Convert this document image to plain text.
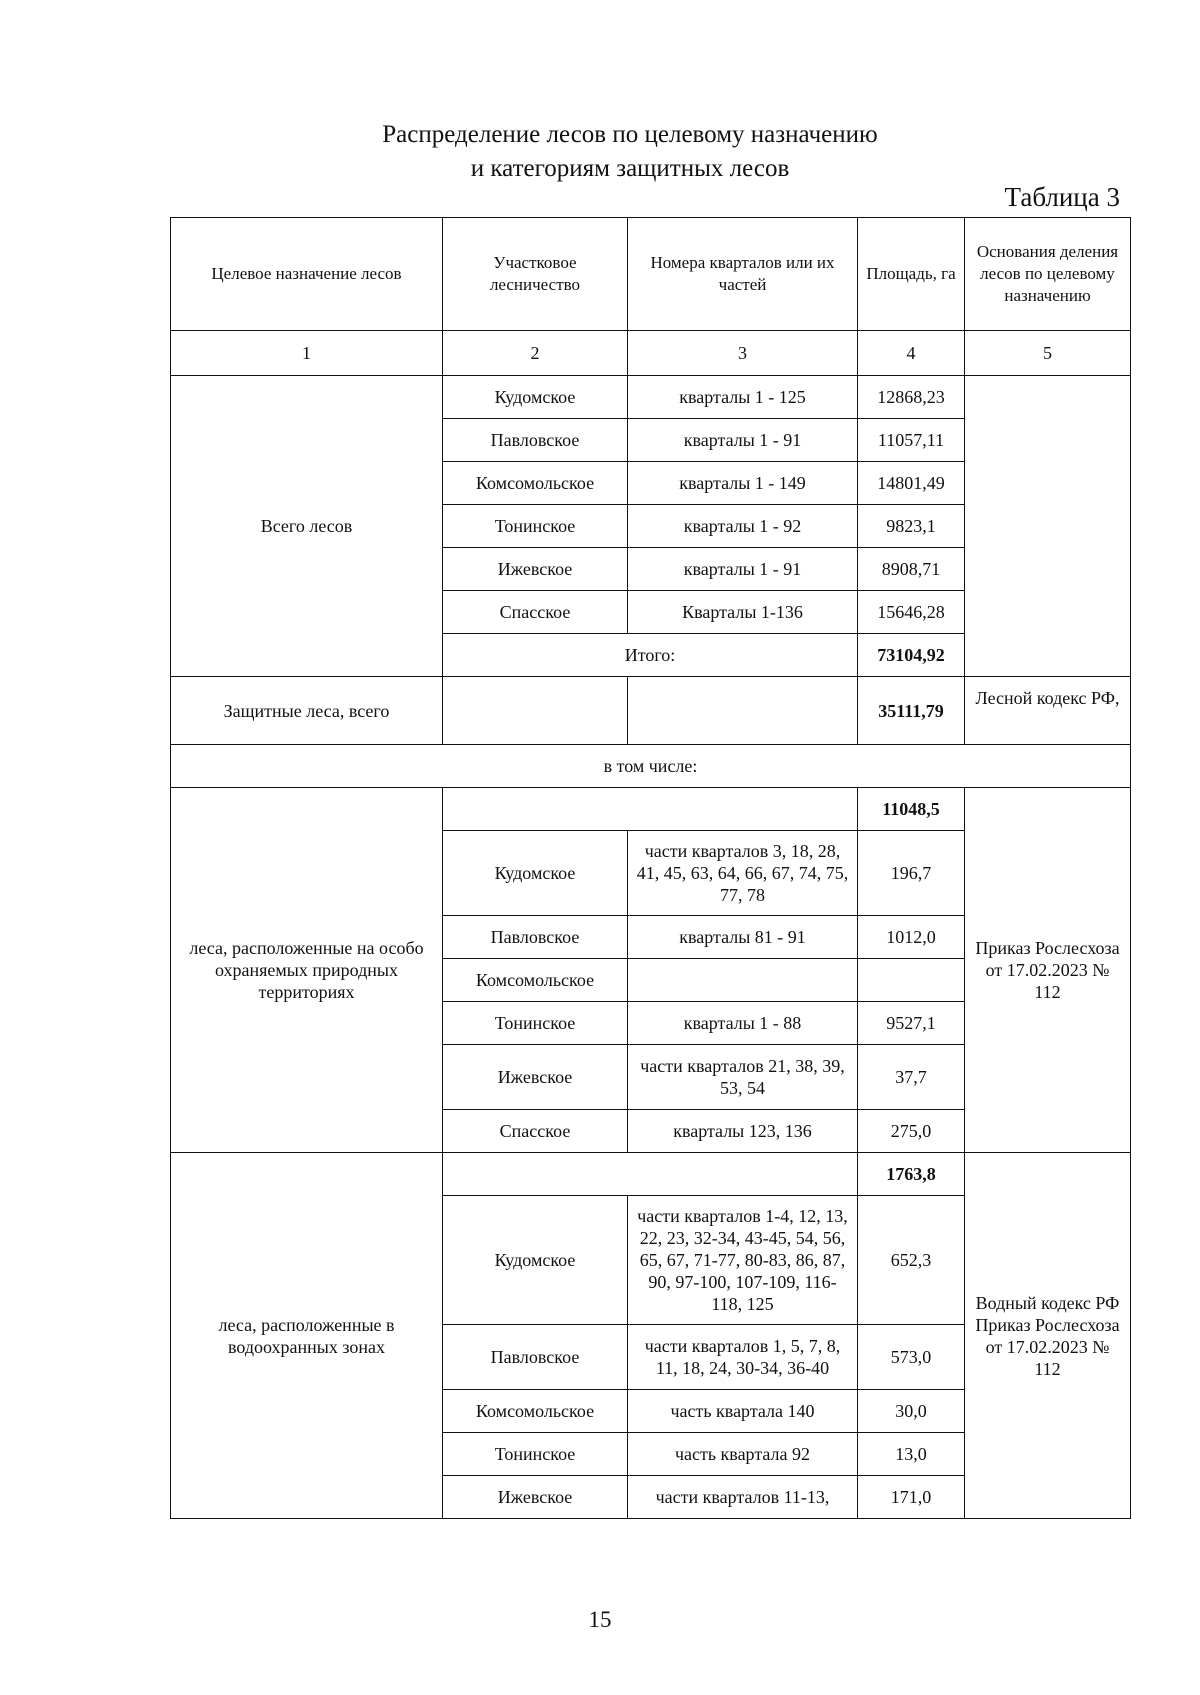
Распределение лесов по целевому назначению
и категориям защитных лесов
Таблица 3
Целевое назначение лесов	Участковое лесничество	Номера кварталов или их частей	Площадь, га	Основания деления лесов по целевому назначению
1	2	3	4	5
Всего лесов	Кудомское	кварталы 1 - 125	12868,23	
	Павловское	кварталы 1 - 91	11057,11	
	Комсомольское	кварталы 1 - 149	14801,49	
	Тонинское	кварталы 1 - 92	9823,1	
	Ижевское	кварталы 1 - 91	8908,71	
	Спасское	Кварталы 1-136	15646,28	
	Итого:		73104,92	
Защитные леса, всего			35111,79	Лесной кодекс РФ,
в том числе:				
леса, расположенные на особо охраняемых природных территориях			11048,5	Приказ Рослесхоза от 17.02.2023 № 112
	Кудомское	части кварталов 3, 18, 28, 41, 45, 63, 64, 66, 67, 74, 75, 77, 78	196,7	
	Павловское	кварталы 81 - 91	1012,0	
	Комсомольское			
	Тонинское	кварталы 1 - 88	9527,1	
	Ижевское	части кварталов 21, 38, 39, 53, 54	37,7	
	Спасское	кварталы 123, 136	275,0	
леса, расположенные в водоохранных зонах			1763,8	Водный кодекс РФ Приказ Рослесхоза от 17.02.2023 № 112
	Кудомское	части кварталов 1-4, 12, 13, 22, 23, 32-34, 43-45, 54, 56, 65, 67, 71-77, 80-83, 86, 87, 90, 97-100, 107-109, 116-118, 125	652,3	
	Павловское	части кварталов 1, 5, 7, 8, 11, 18, 24, 30-34, 36-40	573,0	
	Комсомольское	часть квартала 140	30,0	
	Тонинское	часть квартала 92	13,0	
	Ижевское	части кварталов 11-13,	171,0	
15
